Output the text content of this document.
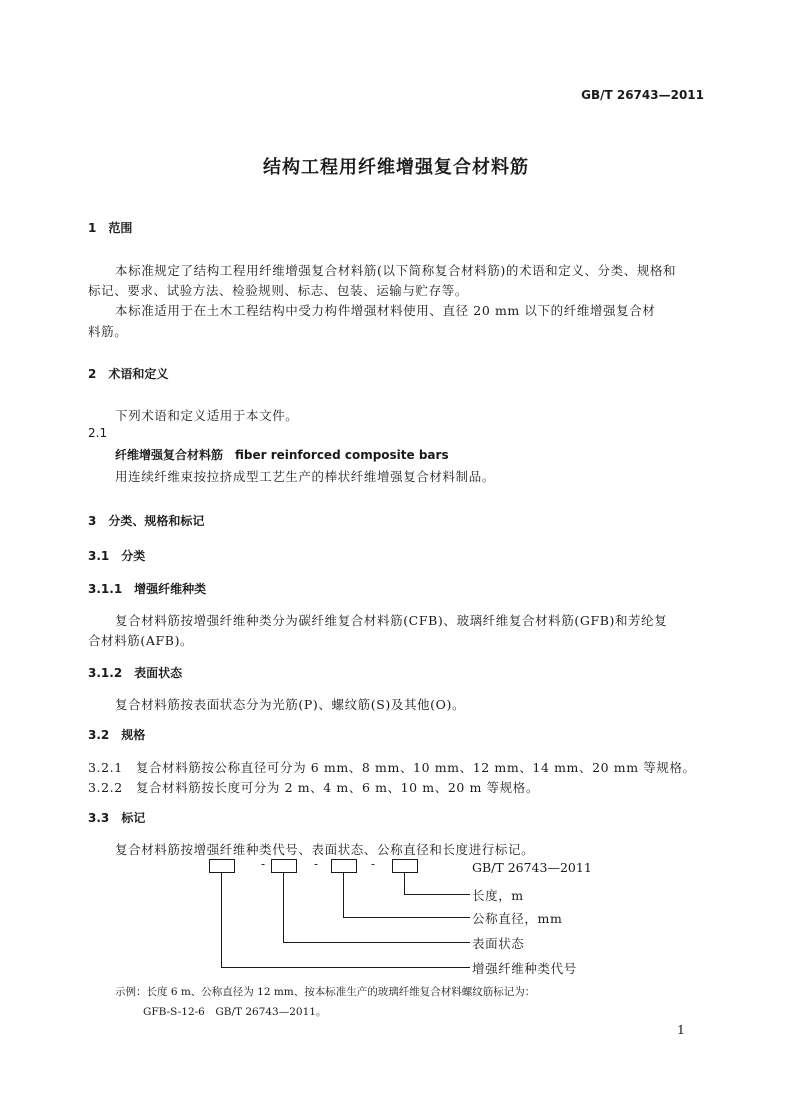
GB/T 26743—2011
结构工程用纤维增强复合材料筋
1　范围
本标准规定了结构工程用纤维增强复合材料筋(以下简称复合材料筋)的术语和定义、分类、规格和
标记、要求、试验方法、检验规则、标志、包装、运输与贮存等。
本标准适用于在土木工程结构中受力构件增强材料使用、直径 20 mm 以下的纤维增强复合材
料筋。
2　术语和定义
下列术语和定义适用于本文件。
2.1
纤维增强复合材料筋　fiber reinforced composite bars
用连续纤维束按拉挤成型工艺生产的棒状纤维增强复合材料制品。
3　分类、规格和标记
3.1　分类
3.1.1　增强纤维种类
复合材料筋按增强纤维种类分为碳纤维复合材料筋(CFB)、玻璃纤维复合材料筋(GFB)和芳纶复
合材料筋(AFB)。
3.1.2　表面状态
复合材料筋按表面状态分为光筋(P)、螺纹筋(S)及其他(O)。
3.2　规格
3.2.1　复合材料筋按公称直径可分为 6 mm、8 mm、10 mm、12 mm、14 mm、20 mm 等规格。
3.2.2　复合材料筋按长度可分为 2 m、4 m、6 m、10 m、20 m 等规格。
3.3　标记
复合材料筋按增强纤维种类代号、表面状态、公称直径和长度进行标记。
-	-	-	GB/T 26743—2011
长度，m
公称直径，mm
表面状态
增强纤维种类代号
示例：长度 6 m、公称直径为 12 mm、按本标准生产的玻璃纤维复合材料螺纹筋标记为：
GFB-S-12-6　GB/T 26743—2011。
1
